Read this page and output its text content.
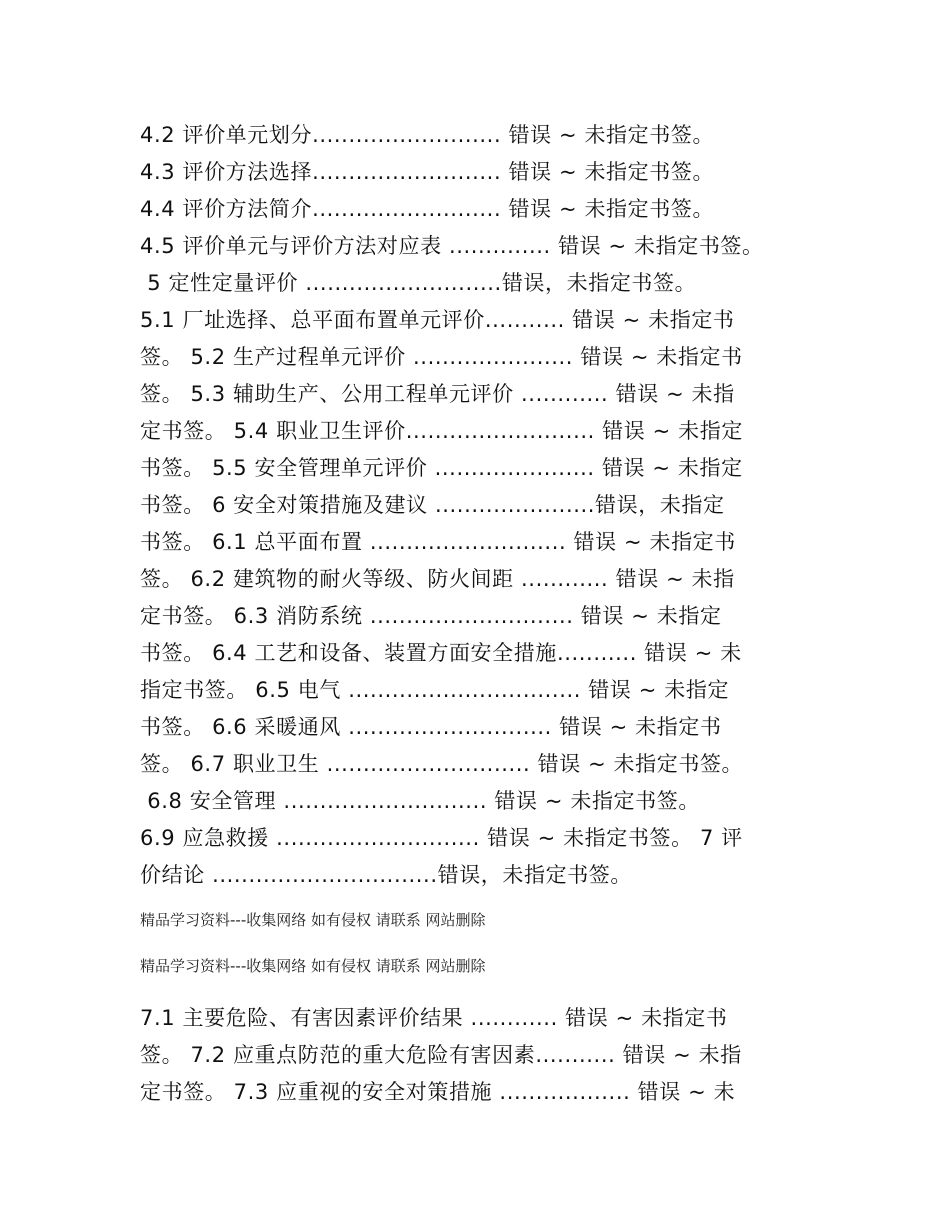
4.2 评价单元划分.......................... 错误 ~ 未指定书签。
4.3 评价方法选择.......................... 错误 ~ 未指定书签。
4.4 评价方法简介.......................... 错误 ~ 未指定书签。
4.5 评价单元与评价方法对应表 .............. 错误 ~ 未指定书签。
5 定性定量评价 ...........................错误，未指定书签。
5.1 厂址选择、总平面布置单元评价........... 错误 ~ 未指定书
签。 5.2 生产过程单元评价 ...................... 错误 ~ 未指定书
签。 5.3 辅助生产、公用工程单元评价 ............ 错误 ~ 未指
定书签。 5.4 职业卫生评价.......................... 错误 ~ 未指定
书签。 5.5 安全管理单元评价 ...................... 错误 ~ 未指定
书签。 6 安全对策措施及建议 ......................错误，未指定
书签。 6.1 总平面布置 ........................... 错误 ~ 未指定书
签。 6.2 建筑物的耐火等级、防火间距 ............ 错误 ~ 未指
定书签。 6.3 消防系统 ............................ 错误 ~ 未指定
书签。 6.4 工艺和设备、装置方面安全措施........... 错误 ~ 未
指定书签。 6.5 电气 ................................ 错误 ~ 未指定
书签。 6.6 采暖通风 ............................ 错误 ~ 未指定书
签。 6.7 职业卫生 ............................ 错误 ~ 未指定书签。
6.8 安全管理 ............................ 错误 ~ 未指定书签。
6.9 应急救援 ............................ 错误 ~ 未指定书签。 7 评
价结论 ...............................错误，未指定书签。
精品学习资料---收集网络 如有侵权 请联系 网站删除
精品学习资料---收集网络 如有侵权 请联系 网站删除
7.1 主要危险、有害因素评价结果 ............ 错误 ~ 未指定书
签。 7.2 应重点防范的重大危险有害因素........... 错误 ~ 未指
定书签。 7.3 应重视的安全对策措施 .................. 错误 ~ 未
